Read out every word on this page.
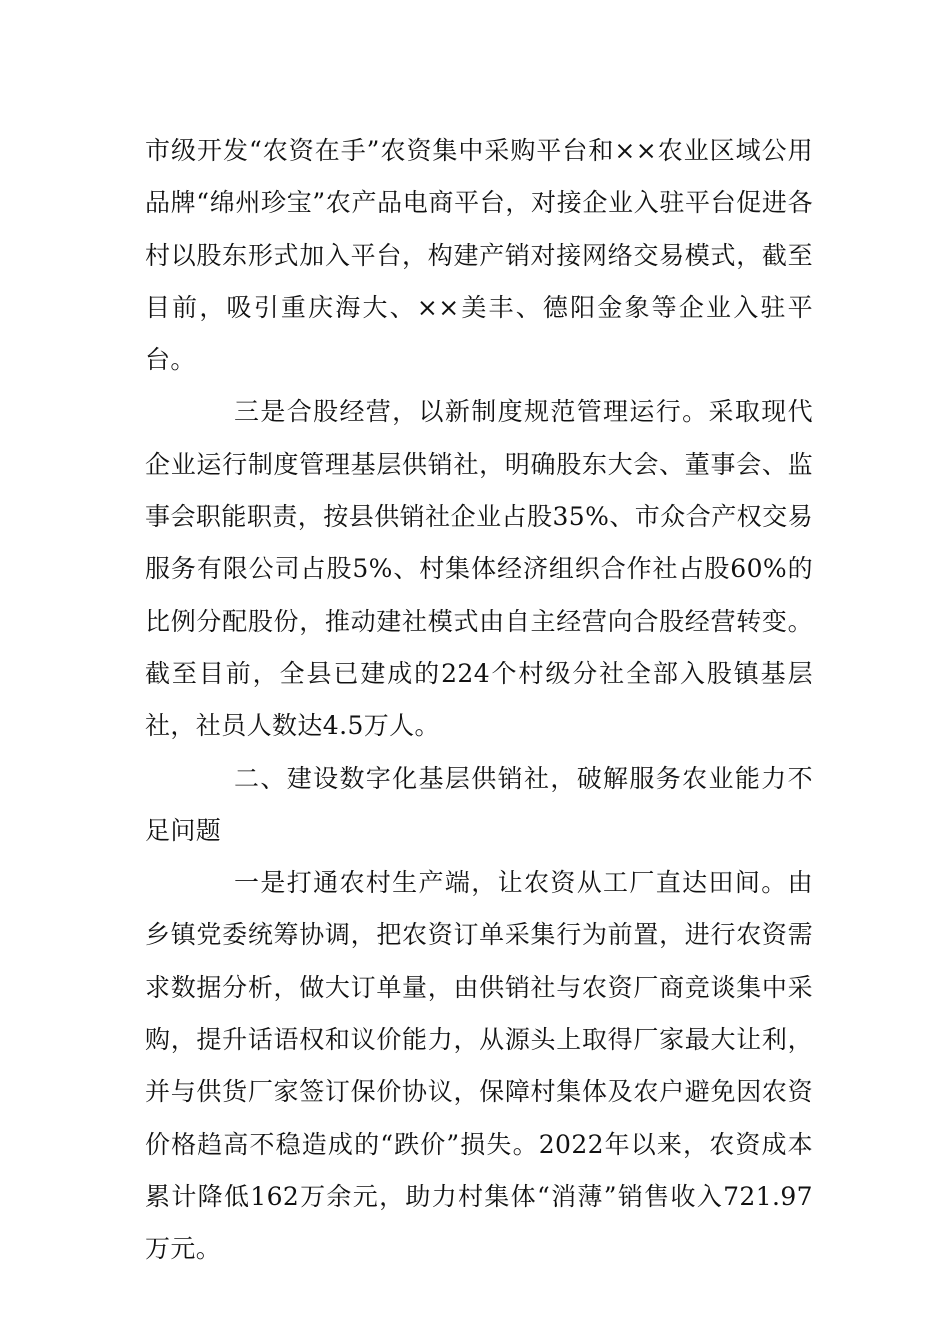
市级开发“农资在手”农资集中采购平台和××农业区域公用品牌“绵州珍宝”农产品电商平台，对接企业入驻平台促进各村以股东形式加入平台，构建产销对接网络交易模式，截至目前，吸引重庆海大、××美丰、德阳金象等企业入驻平台。

三是合股经营，以新制度规范管理运行。采取现代企业运行制度管理基层供销社，明确股东大会、董事会、监事会职能职责，按县供销社企业占股35%、市众合产权交易服务有限公司占股5%、村集体经济组织合作社占股60%的比例分配股份，推动建社模式由自主经营向合股经营转变。截至目前，全县已建成的224个村级分社全部入股镇基层社，社员人数达4.5万人。

二、建设数字化基层供销社，破解服务农业能力不足问题

一是打通农村生产端，让农资从工厂直达田间。由乡镇党委统筹协调，把农资订单采集行为前置，进行农资需求数据分析，做大订单量，由供销社与农资厂商竞谈集中采购，提升话语权和议价能力，从源头上取得厂家最大让利，并与供货厂家签订保价协议，保障村集体及农户避免因农资价格趋高不稳造成的“跌价”损失。2022年以来，农资成本累计降低162万余元，助力村集体“消薄”销售收入721.97万元。
